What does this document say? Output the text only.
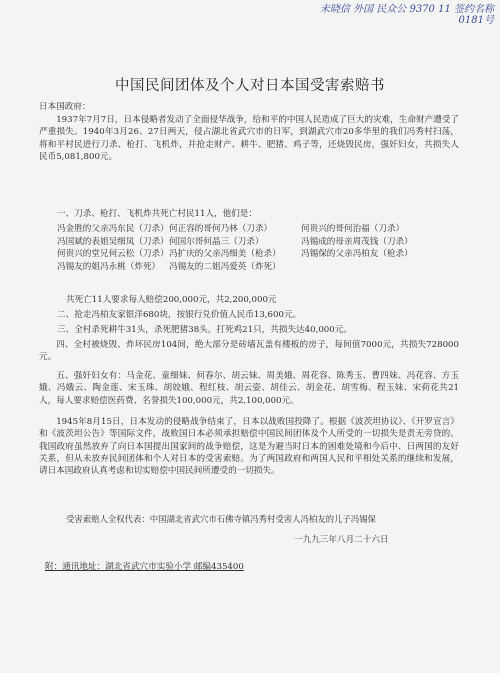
未晓信 外国 民众公 9370 11 签约名称
0181号
中国民间团体及个人对日本国受害索赔书
日本国政府：
1937年7月7日，日本侵略者发动了全面侵华战争，给和平的中国人民造成了巨大的灾难，生命财产遭受了严重损失。1940年3月26、27日两天，侵占湖北省武穴市的日军，到湖武穴市20多华里的我们冯秀村扫荡，将和平村民进行刀杀、枪打、飞机炸，并抢走财产、耕牛、肥猪、鸡子等，还烧毁民房，强奸妇女，共损失人民币5,081,800元。
一、刀杀、枪打、飞机炸共死亡村民11人，他们是：
冯金胜的父亲冯东民（刀杀） 何正容的哥何乃林（刀杀）	何贵兴的哥何治福（刀杀）
冯国斌的表姐吴细凤（刀杀） 何国尔哥何晶三（刀杀）	冯锡成的母亲周茂钱（刀杀）
何贵兴的堂兄何云松（刀杀） 冯扩庆的父亲冯细美（枪杀）	冯锡保的父亲冯柏友（枪杀）
冯锡友的姐冯永桃（炸死）	冯锡友的二姐冯爱英（炸死）
共死亡11人要求每人赔偿200,000元，共2,200,000元
二、抢走冯柏友家银洋680块，按银行兑价值人民币13,600元。
三、全村杀死耕牛31头，杀死肥猪38头，打死鸡21只，共损失达40,000元。
四、全村被烧毁、炸坏民房104间，绝大部分是砖墙瓦盖有楼板的房子，每间值7000元，共损失728000元。
五、强奸妇女有：马金花、童细妹、何春尔、胡云妹、周美娥、周花容、陈秀玉、曹四妹、冯花容、方玉娥、冯娥云、陶金莲、宋玉珠、胡姣娥、程红枝、胡云姿、胡佳云、胡金花、胡雪梅、程玉妹、宋荷花共21人，每人要求赔偿医药费、名誉损失100,000元，共2,100,000元。
1945年8月15日，日本发动的侵略战争结束了，日本以战败国投降了。根据《波茨坦协议》、《开罗宣言》和《波茨坦公告》等国际文件，战败国日本必须承担赔偿中国民间团体及个人所受的一切损失是责无旁贷的。我国政府虽然放弃了向日本国提出国家间的战争赔偿，这是为避当时日本的困难处境和今后中、日两国的友好关系，但从未放弃民间团体和个人对日本的受害索赔。为了两国政府和两国人民和平相处关系的继续和发展，请日本国政府认真考虑和切实赔偿中国民间所遭受的一切损失。
受害索赔人全权代表：中国湖北省武穴市石佛寺镇冯秀村受害人冯柏友的儿子冯锡保
一九九三年八月二十六日
附：通讯地址：湖北省武穴市实验小学 邮编435400
